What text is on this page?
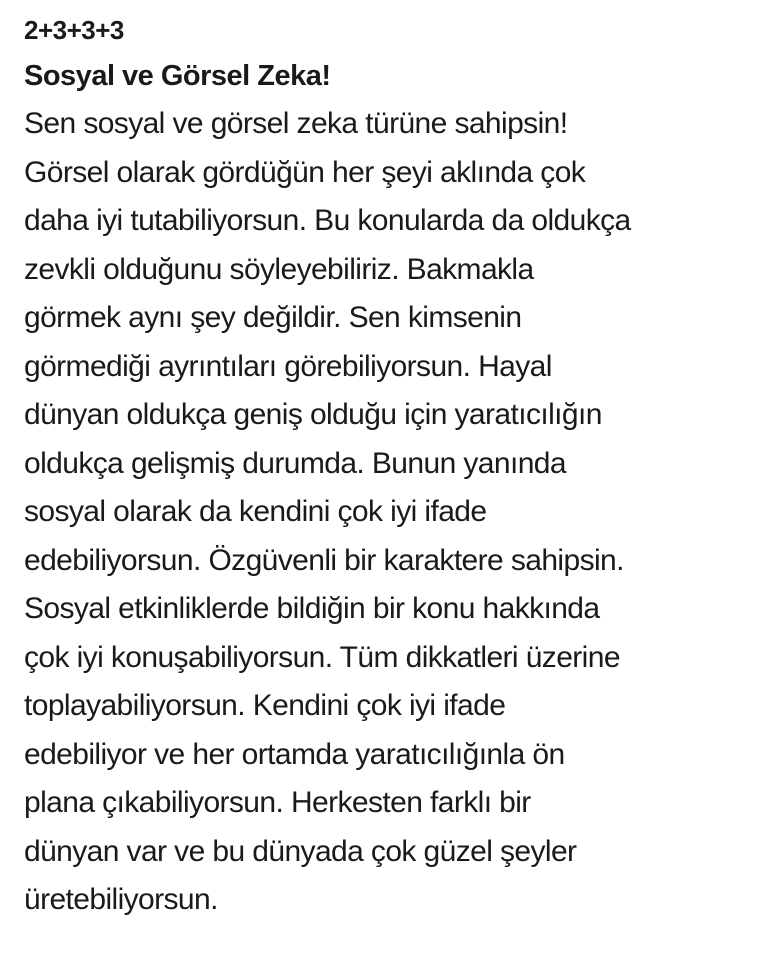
2+3+3+3
Sosyal ve Görsel Zeka!
Sen sosyal ve görsel zeka türüne sahipsin!
Görsel olarak gördüğün her şeyi aklında çok
daha iyi tutabiliyorsun. Bu konularda da oldukça
zevkli olduğunu söyleyebiliriz. Bakmakla
görmek aynı şey değildir. Sen kimsenin
görmediği ayrıntıları görebiliyorsun. Hayal
dünyan oldukça geniş olduğu için yaratıcılığın
oldukça gelişmiş durumda. Bunun yanında
sosyal olarak da kendini çok iyi ifade
edebiliyorsun. Özgüvenli bir karaktere sahipsin.
Sosyal etkinliklerde bildiğin bir konu hakkında
çok iyi konuşabiliyorsun. Tüm dikkatleri üzerine
toplayabiliyorsun. Kendini çok iyi ifade
edebiliyor ve her ortamda yaratıcılığınla ön
plana çıkabiliyorsun. Herkesten farklı bir
dünyan var ve bu dünyada çok güzel şeyler
üretebiliyorsun.
